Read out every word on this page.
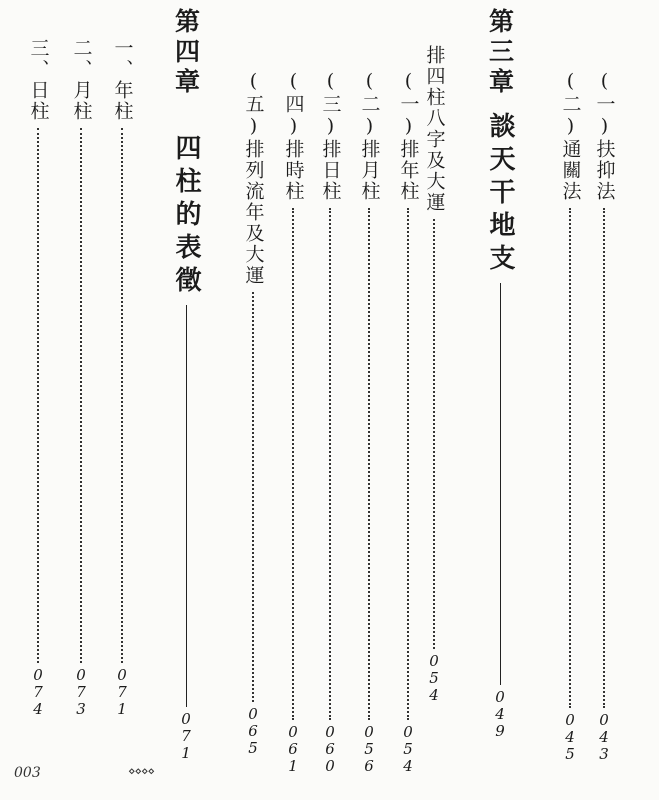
(一)扶抑法
0
4
3
(二)通關法
0
4
5
第三章
談天干地支
0
4
9
排四柱八字及大運
0
5
4
(一)排年柱
0
5
4
(二)排月柱
0
5
6
(三)排日柱
0
6
0
(四)排時柱
0
6
1
(五)排列流年及大運
0
6
5
第四章
四柱的表徵
0
7
1
一、年柱
0
7
1
二、月柱
0
7
3
三、日柱
0
7
4
003	⋄⋄⋄⋄
